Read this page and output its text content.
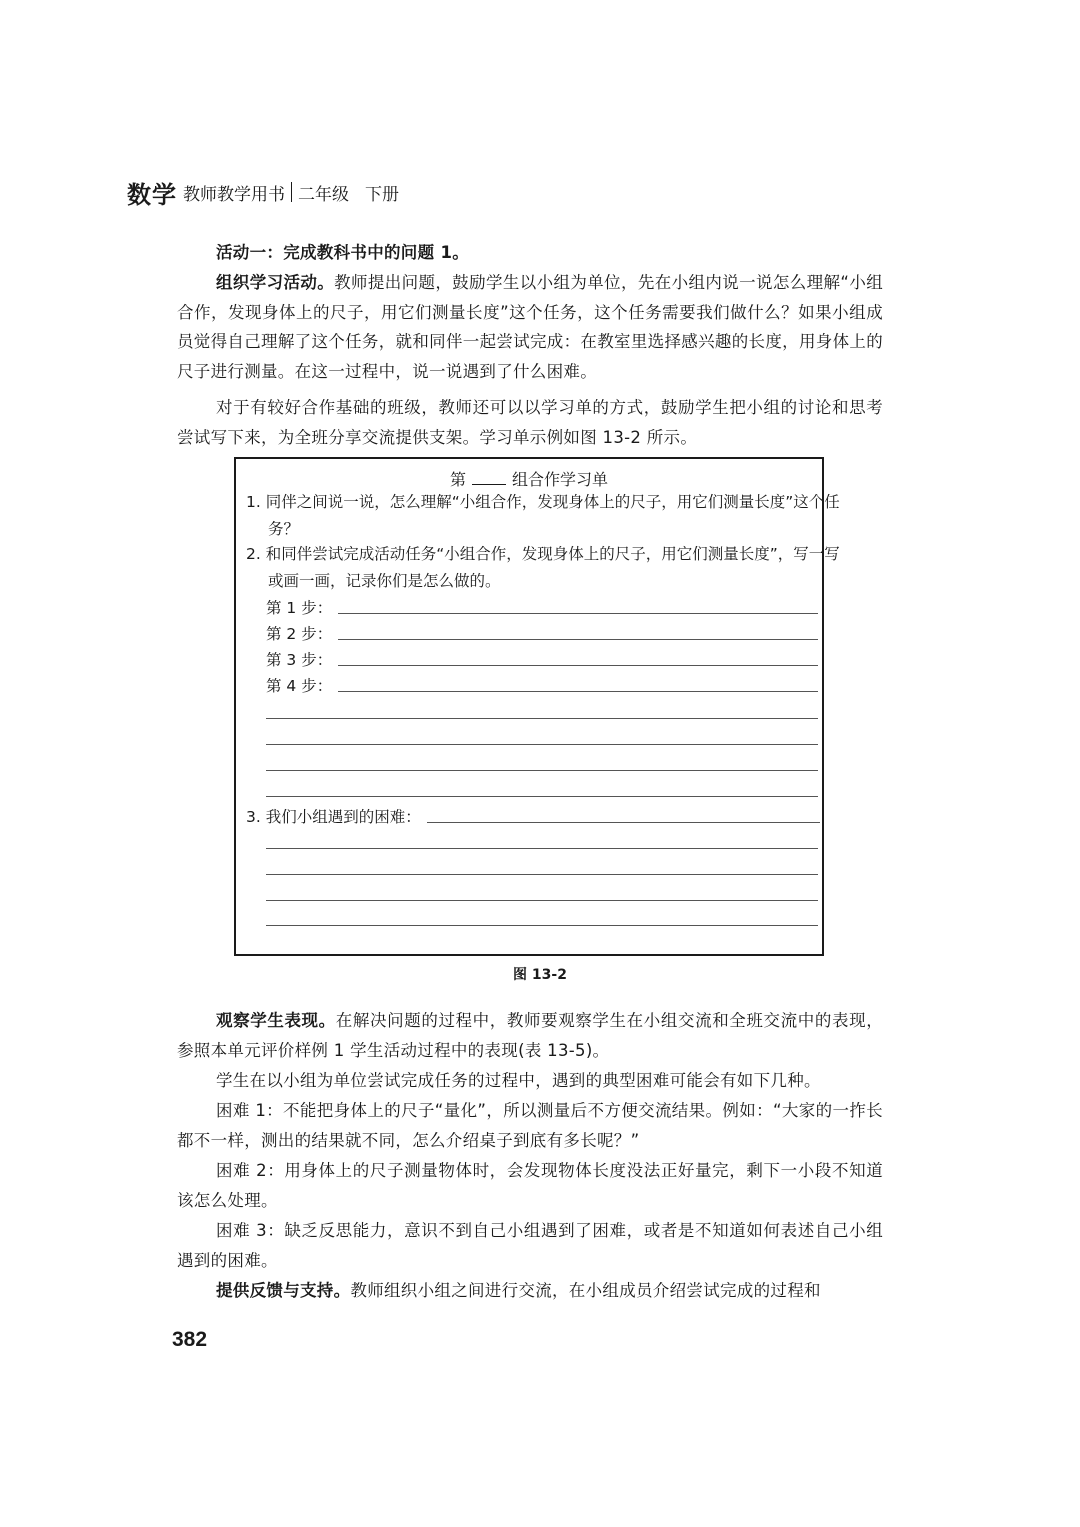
数学 教师教学用书 二年级 下册

活动一：完成教科书中的问题 1。

组织学习活动。教师提出问题，鼓励学生以小组为单位，先在小组内说一说怎么理解“小组合作，发现身体上的尺子，用它们测量长度”这个任务，这个任务需要我们做什么？如果小组成员觉得自己理解了这个任务，就和同伴一起尝试完成：在教室里选择感兴趣的长度，用身体上的尺子进行测量。在这一过程中，说一说遇到了什么困难。

对于有较好合作基础的班级，教师还可以以学习单的方式，鼓励学生把小组的讨论和思考尝试写下来，为全班分享交流提供支架。学习单示例如图 13-2 所示。

第	组合作学习单

1. 同伴之间说一说，怎么理解“小组合作，发现身体上的尺子，用它们测量长度”这个任务？

2. 和同伴尝试完成活动任务“小组合作，发现身体上的尺子，用它们测量长度”，写一写或画一画，记录你们是怎么做的。

第 1 步：
第 2 步：
第 3 步：
第 4 步：
3. 我们小组遇到的困难：
图 13-2

观察学生表现。在解决问题的过程中，教师要观察学生在小组交流和全班交流中的表现，参照本单元评价样例 1 学生活动过程中的表现(表 13-5)。

学生在以小组为单位尝试完成任务的过程中，遇到的典型困难可能会有如下几种。

困难 1：不能把身体上的尺子“量化”，所以测量后不方便交流结果。例如：“大家的一拃长都不一样，测出的结果就不同，怎么介绍桌子到底有多长呢？”

困难 2：用身体上的尺子测量物体时，会发现物体长度没法正好量完，剩下一小段不知道该怎么处理。

困难 3：缺乏反思能力，意识不到自己小组遇到了困难，或者是不知道如何表述自己小组遇到的困难。

提供反馈与支持。教师组织小组之间进行交流，在小组成员介绍尝试完成的过程和

382
